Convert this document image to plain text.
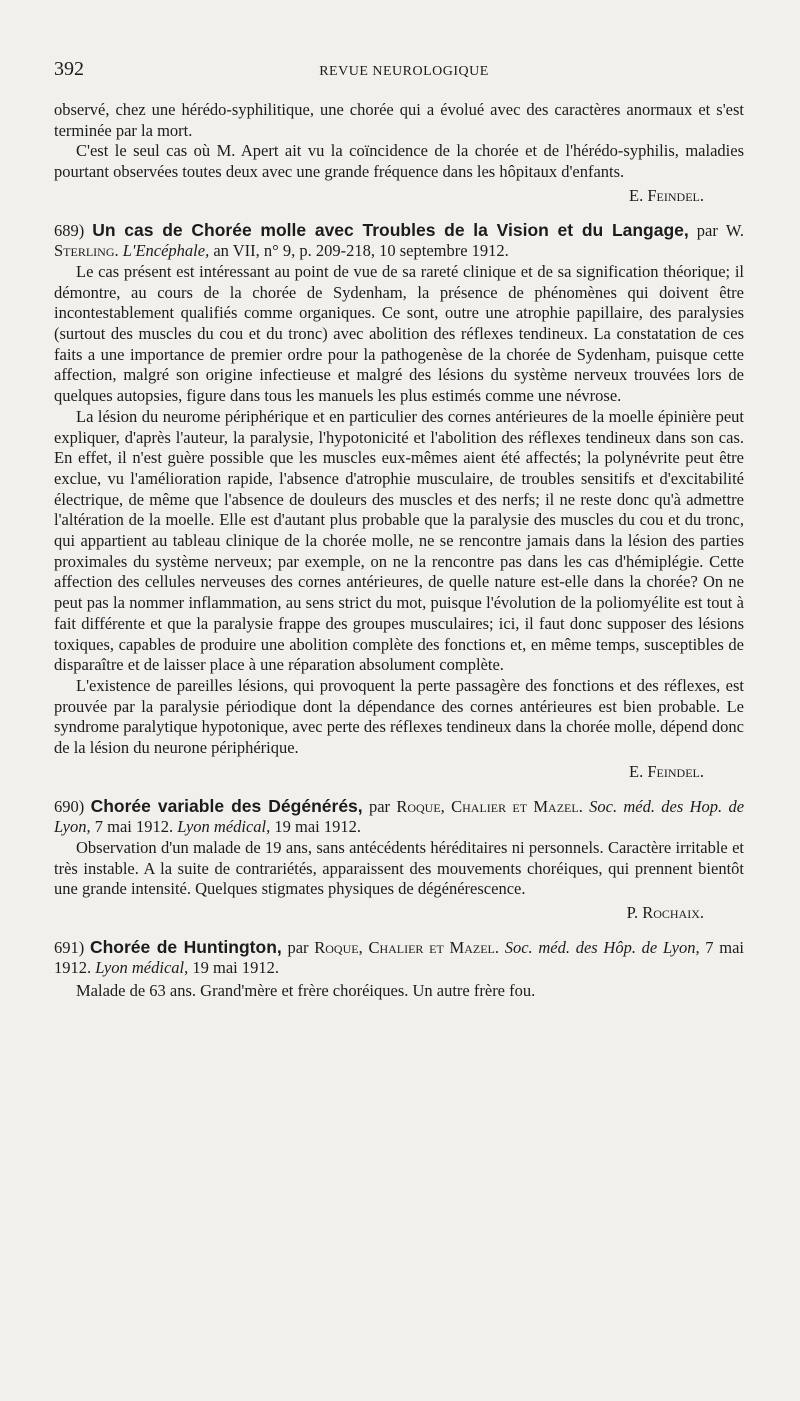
392	REVUE NEUROLOGIQUE

observé, chez une hérédo-syphilitique, une chorée qui a évolué avec des caractères anormaux et s'est terminée par la mort.

C'est le seul cas où M. Apert ait vu la coïncidence de la chorée et de l'hérédo-syphilis, maladies pourtant observées toutes deux avec une grande fréquence dans les hôpitaux d'enfants.

E. Feindel.

689) Un cas de Chorée molle avec Troubles de la Vision et du Langage, par W. Sterling. L'Encéphale, an VII, n° 9, p. 209-218, 10 septembre 1912.

Le cas présent est intéressant au point de vue de sa rareté clinique et de sa signification théorique; il démontre, au cours de la chorée de Sydenham, la présence de phénomènes qui doivent être incontestablement qualifiés comme organiques. Ce sont, outre une atrophie papillaire, des paralysies (surtout des muscles du cou et du tronc) avec abolition des réflexes tendineux. La constatation de ces faits a une importance de premier ordre pour la pathogenèse de la chorée de Sydenham, puisque cette affection, malgré son origine infectieuse et malgré des lésions du système nerveux trouvées lors de quelques autopsies, figure dans tous les manuels les plus estimés comme une névrose.

La lésion du neurome périphérique et en particulier des cornes antérieures de la moelle épinière peut expliquer, d'après l'auteur, la paralysie, l'hypotonicité et l'abolition des réflexes tendineux dans son cas. En effet, il n'est guère possible que les muscles eux-mêmes aient été affectés; la polynévrite peut être exclue, vu l'amélioration rapide, l'absence d'atrophie musculaire, de troubles sensitifs et d'excitabilité électrique, de même que l'absence de douleurs des muscles et des nerfs; il ne reste donc qu'à admettre l'altération de la moelle. Elle est d'autant plus probable que la paralysie des muscles du cou et du tronc, qui appartient au tableau clinique de la chorée molle, ne se rencontre jamais dans la lésion des parties proximales du système nerveux; par exemple, on ne la rencontre pas dans les cas d'hémiplégie. Cette affection des cellules nerveuses des cornes antérieures, de quelle nature est-elle dans la chorée? On ne peut pas la nommer inflammation, au sens strict du mot, puisque l'évolution de la poliomyélite est tout à fait différente et que la paralysie frappe des groupes musculaires; ici, il faut donc supposer des lésions toxiques, capables de produire une abolition complète des fonctions et, en même temps, susceptibles de disparaître et de laisser place à une réparation absolument complète.

L'existence de pareilles lésions, qui provoquent la perte passagère des fonctions et des réflexes, est prouvée par la paralysie périodique dont la dépendance des cornes antérieures est bien probable. Le syndrome paralytique hypotonique, avec perte des réflexes tendineux dans la chorée molle, dépend donc de la lésion du neurone périphérique.

E. Feindel.

690) Chorée variable des Dégénérés, par Roque, Chalier et Mazel. Soc. méd. des Hop. de Lyon, 7 mai 1912. Lyon médical, 19 mai 1912.

Observation d'un malade de 19 ans, sans antécédents héréditaires ni personnels. Caractère irritable et très instable. A la suite de contrariétés, apparaissent des mouvements choréiques, qui prennent bientôt une grande intensité. Quelques stigmates physiques de dégénérescence.

P. Rochaix.

691) Chorée de Huntington, par Roque, Chalier et Mazel. Soc. méd. des Hôp. de Lyon, 7 mai 1912. Lyon médical, 19 mai 1912.

Malade de 63 ans. Grand'mère et frère choréiques. Un autre frère fou.
